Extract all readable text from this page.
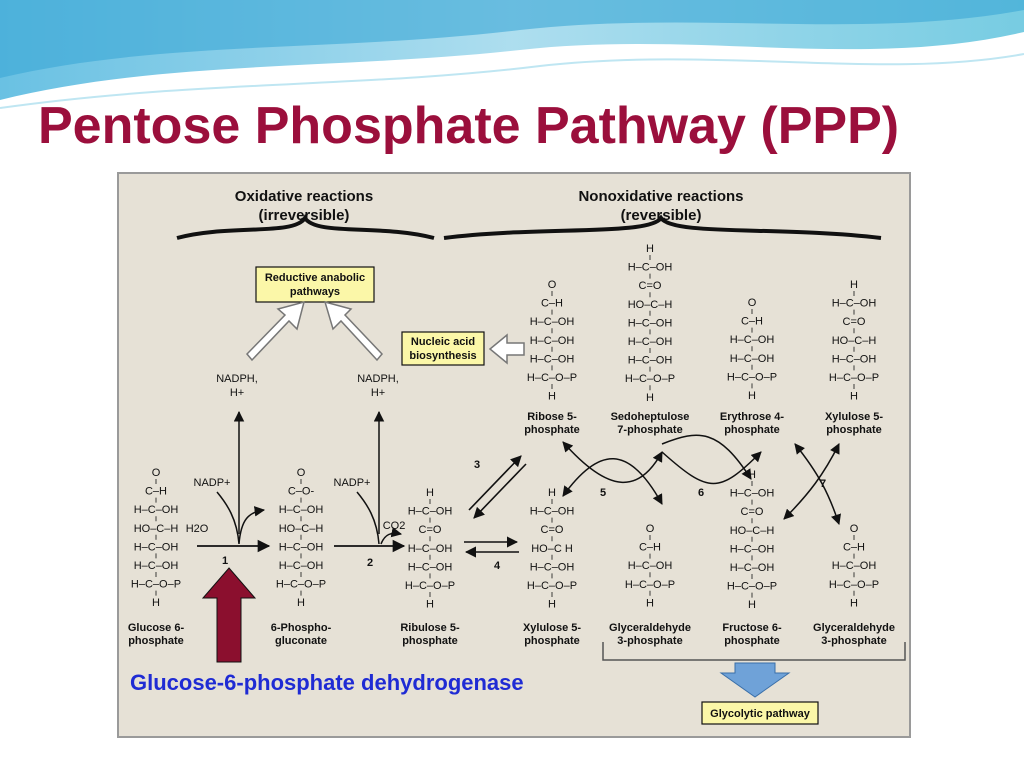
Pentose Phosphate Pathway (PPP)
Oxidative reactions
(irreversible)
Nonoxidative reactions
(reversible)
Reductive anabolic
pathways
Nucleic acid
biosynthesis
NADPH,
H+
NADPH,
H+
NADP+	NADP+
H2O	CO2
1	2
3
4
5	6
7
O
C–H
H–C–OH
HO–C–H
H–C–OH
H–C–OH
H–C–O–P
H
Glucose 6-
phosphate
O
C–O-
H–C–OH
HO–C–H
H–C–OH
H–C–OH
H–C–O–P
H
6-Phospho-
gluconate
H
H–C–OH
C=O
H–C–OH
H–C–OH
H–C–O–P
H
Ribulose 5-
phosphate
H
H–C–OH
C=O
HO–C H
H–C–OH
H–C–O–P
H
Xylulose 5-
phosphate
O
C–H
H–C–OH
H–C–OH
H–C–OH
H–C–O–P
H
Ribose 5-
phosphate
H
H–C–OH
C=O
HO–C–H
H–C–OH
H–C–OH
H–C–OH
H–C–O–P
H
Sedoheptulose
7-phosphate
O
C–H
H–C–OH
H–C–OH
H–C–O–P
H
Erythrose 4-
phosphate
H
H–C–OH
C=O
HO–C–H
H–C–OH
H–C–O–P
H
Xylulose 5-
phosphate
O
C–H
H–C–OH
H–C–O–P
H
Glyceraldehyde
3-phosphate
H
H–C–OH
C=O
HO–C–H
H–C–OH
H–C–OH
H–C–O–P
H
Fructose 6-
phosphate
O
C–H
H–C–OH
H–C–O–P
H
Glyceraldehyde
3-phosphate
Glycolytic pathway
Glucose-6-phosphate dehydrogenase
